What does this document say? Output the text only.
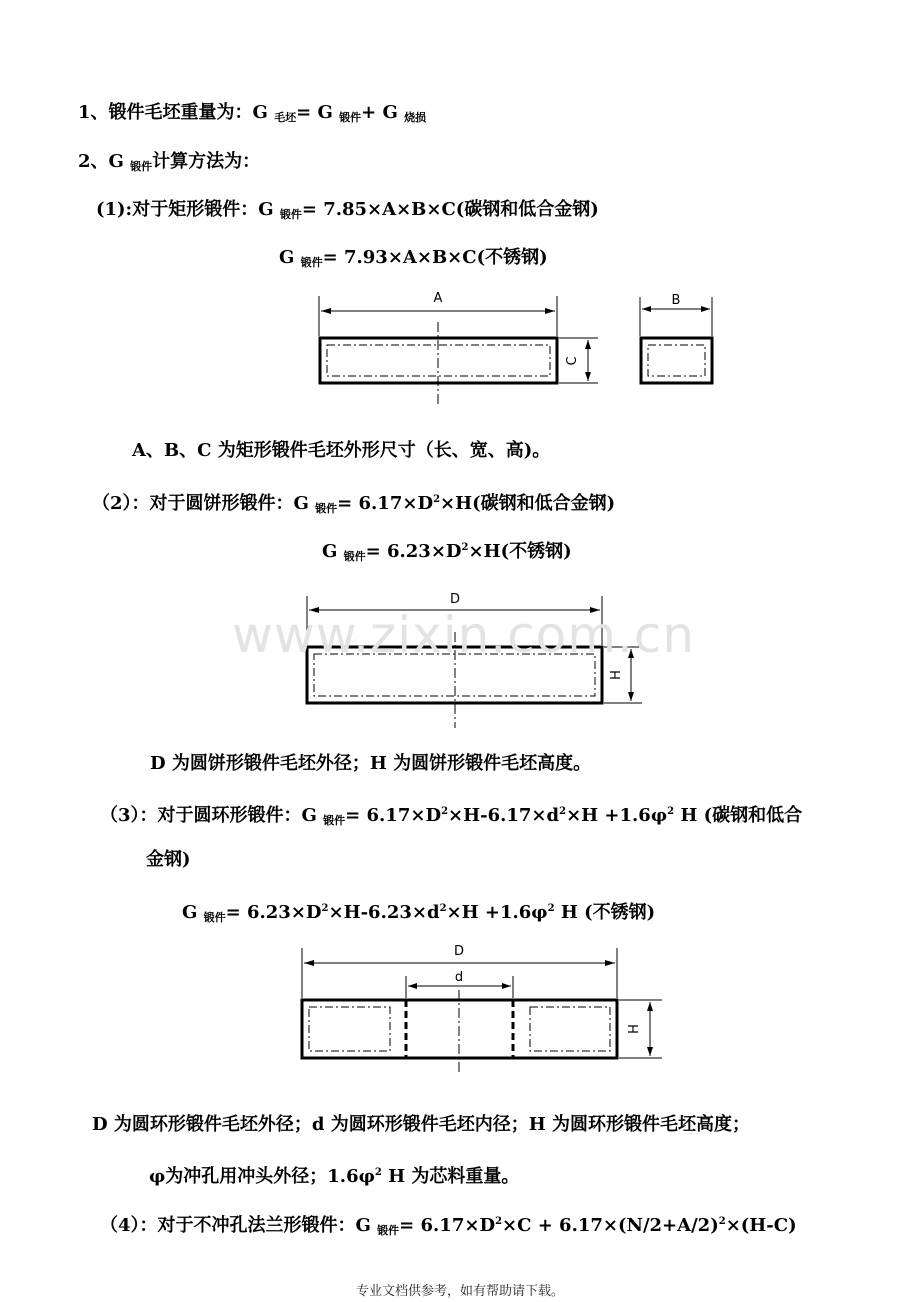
1、锻件毛坯重量为：G $_{毛坯}$= G $_{锻件}$+ G $_{烧损}$
2、G $_{锻件}$计算方法为：
(1):对于矩形锻件：G $_{锻件}$= 7.85×A×B×C(碳钢和低合金钢)
G $_{锻件}$= 7.93×A×B×C(不锈钢)
A
C
B
D
H
D
d
H
A、B、C 为矩形锻件毛坯外形尺寸（长、宽、高)。
（2）：对于圆饼形锻件：G $_{锻件}= 6.17\times D^2\times H$(碳钢和低合金钢)
G $_{锻件}= 6.23\times D^2\times H$(不锈钢)
www.zixin.com.cn
D 为圆饼形锻件毛坯外径；H 为圆饼形锻件毛坯高度。
（3）：对于圆环形锻件：G $_{锻件}= 6.17\times D^2\times H-6.17\times d^2\times H +1.6\varphi^2$ H (碳钢和低合
金钢)
G $_{锻件}= 6.23\times D^2\times H-6.23\times d^2\times H +1.6\varphi^2$ H (不锈钢)
D 为圆环形锻件毛坯外径；d 为圆环形锻件毛坯内径；H 为圆环形锻件毛坯高度；
φ为冲孔用冲头外径；$1.6\varphi^2$ H 为芯料重量。
（4）：对于不冲孔法兰形锻件：G $_{锻件}= 6.17\times D^2\times C + 6.17\times(N/2+A/2)^2\times(H-C)$
专业文档供参考，如有帮助请下载。
